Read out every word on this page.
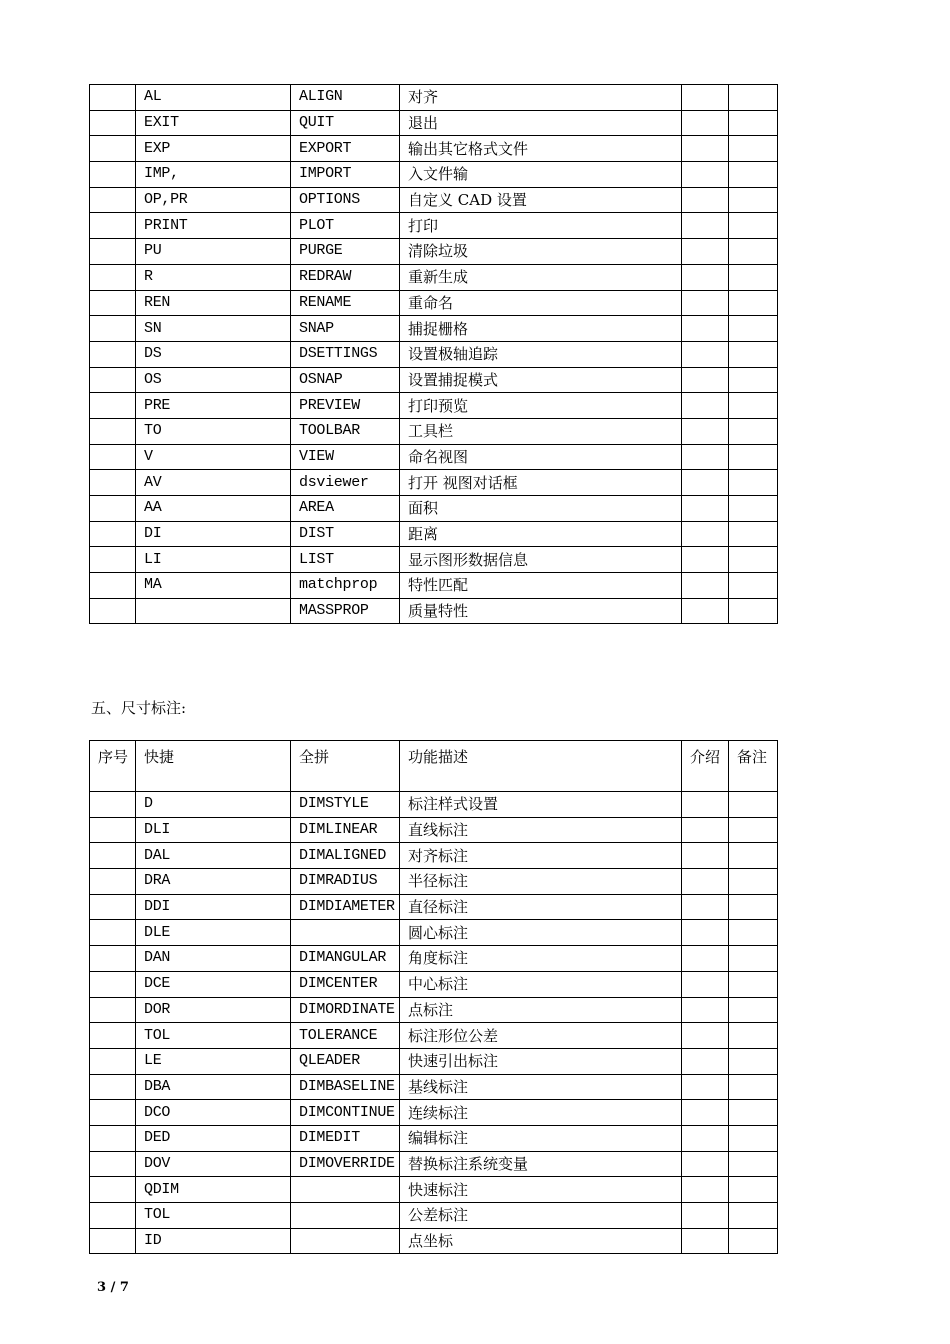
	AL	ALIGN	对齐		
	EXIT	QUIT	退出		
	EXP	EXPORT	输出其它格式文件		
	IMP,	IMPORT	入文件输		
	OP,PR	OPTIONS	自定义 CAD 设置		
	PRINT	PLOT	打印		
	PU	PURGE	清除垃圾		
	R	REDRAW	重新生成		
	REN	RENAME	重命名		
	SN	SNAP	捕捉栅格		
	DS	DSETTINGS	设置极轴追踪		
	OS	OSNAP	设置捕捉模式		
	PRE	PREVIEW	打印预览		
	TO	TOOLBAR	工具栏		
	V	VIEW	命名视图		
	AV	dsviewer	打开 视图对话框		
	AA	AREA	面积		
	DI	DIST	距离		
	LI	LIST	显示图形数据信息		
	MA	matchprop	特性匹配		
		MASSPROP	质量特性		
五、尺寸标注:
序号	快捷	全拼	功能描述	介绍	备注
	D	DIMSTYLE	标注样式设置		
	DLI	DIMLINEAR	直线标注		
	DAL	DIMALIGNED	对齐标注		
	DRA	DIMRADIUS	半径标注		
	DDI	DIMDIAMETER	直径标注		
	DLE		圆心标注		
	DAN	DIMANGULAR	角度标注		
	DCE	DIMCENTER	中心标注		
	DOR	DIMORDINATE	点标注		
	TOL	TOLERANCE	标注形位公差		
	LE	QLEADER	快速引出标注		
	DBA	DIMBASELINE	基线标注		
	DCO	DIMCONTINUE	连续标注		
	DED	DIMEDIT	编辑标注		
	DOV	DIMOVERRIDE	替换标注系统变量		
	QDIM		快速标注		
	TOL		公差标注		
	ID		点坐标		
3 / 7
